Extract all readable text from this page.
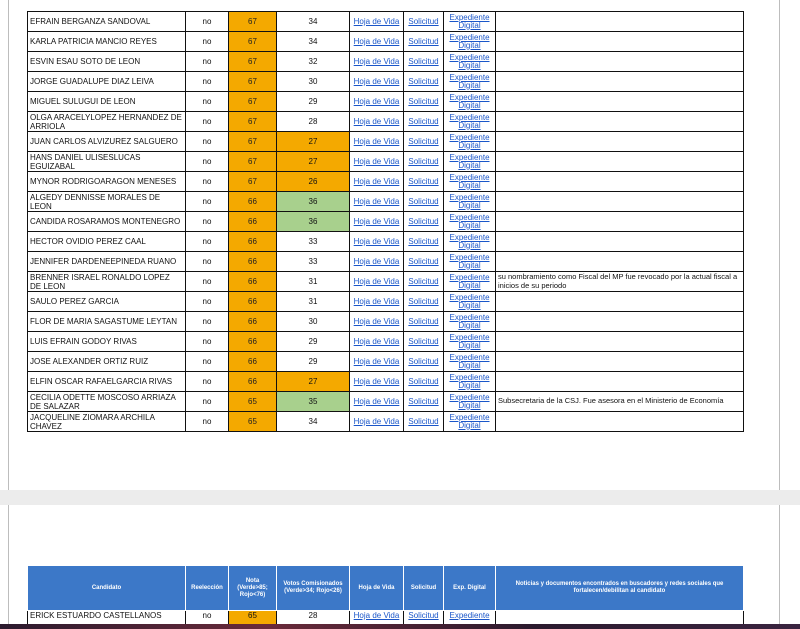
EFRAIN BERGANZA SANDOVAL	no	67	34	Hoja de Vida	Solicitud	Expediente Digital	
KARLA PATRICIA MANCIO REYES	no	67	34	Hoja de Vida	Solicitud	Expediente Digital	
ESVIN ESAU SOTO DE LEON	no	67	32	Hoja de Vida	Solicitud	Expediente Digital	
JORGE GUADALUPE DIAZ LEIVA	no	67	30	Hoja de Vida	Solicitud	Expediente Digital	
MIGUEL SULUGUI DE LEON	no	67	29	Hoja de Vida	Solicitud	Expediente Digital	
OLGA ARACELYLOPEZ HERNANDEZ DE ARRIOLA	no	67	28	Hoja de Vida	Solicitud	Expediente Digital	
JUAN CARLOS ALVIZUREZ SALGUERO	no	67	27	Hoja de Vida	Solicitud	Expediente Digital	
HANS DANIEL ULISESLUCAS EGUIZABAL	no	67	27	Hoja de Vida	Solicitud	Expediente Digital	
MYNOR RODRIGOARAGON MENESES	no	67	26	Hoja de Vida	Solicitud	Expediente Digital	
ALGEDY DENNISSE MORALES DE LEON	no	66	36	Hoja de Vida	Solicitud	Expediente Digital	
CANDIDA ROSARAMOS MONTENEGRO	no	66	36	Hoja de Vida	Solicitud	Expediente Digital	
HECTOR OVIDIO PEREZ CAAL	no	66	33	Hoja de Vida	Solicitud	Expediente Digital	
JENNIFER DARDENEEPINEDA RUANO	no	66	33	Hoja de Vida	Solicitud	Expediente Digital	
BRENNER ISRAEL RONALDO LOPEZ DE LEON	no	66	31	Hoja de Vida	Solicitud	Expediente Digital	su nombramiento como Fiscal del MP fue revocado por la actual fiscal a inicios de su periodo
SAULO PEREZ GARCIA	no	66	31	Hoja de Vida	Solicitud	Expediente Digital	
FLOR DE MARIA SAGASTUME LEYTAN	no	66	30	Hoja de Vida	Solicitud	Expediente Digital	
LUIS EFRAIN GODOY RIVAS	no	66	29	Hoja de Vida	Solicitud	Expediente Digital	
JOSE ALEXANDER ORTIZ RUIZ	no	66	29	Hoja de Vida	Solicitud	Expediente Digital	
ELFIN OSCAR RAFAELGARCIA RIVAS	no	66	27	Hoja de Vida	Solicitud	Expediente Digital	
CECILIA ODETTE MOSCOSO ARRIAZA DE SALAZAR	no	65	35	Hoja de Vida	Solicitud	Expediente Digital	Subsecretaria de la CSJ. Fue asesora en el Ministerio de Economía
JACQUELINE ZIOMARA ARCHILA CHAVEZ	no	65	34	Hoja de Vida	Solicitud	Expediente Digital	
Candidato	Reelección	Nota (Verde>85; Rojo<76)	Votos Comisionados (Verde>34; Rojo<26)	Hoja de Vida	Solicitud	Exp. Digital	Noticias y documentos encontrados en buscadores y redes sociales que fortalecen/debilitan al candidato
ERICK ESTUARDO CASTELLANOS	no	65	28	Hoja de Vida	Solicitud	Expediente	
